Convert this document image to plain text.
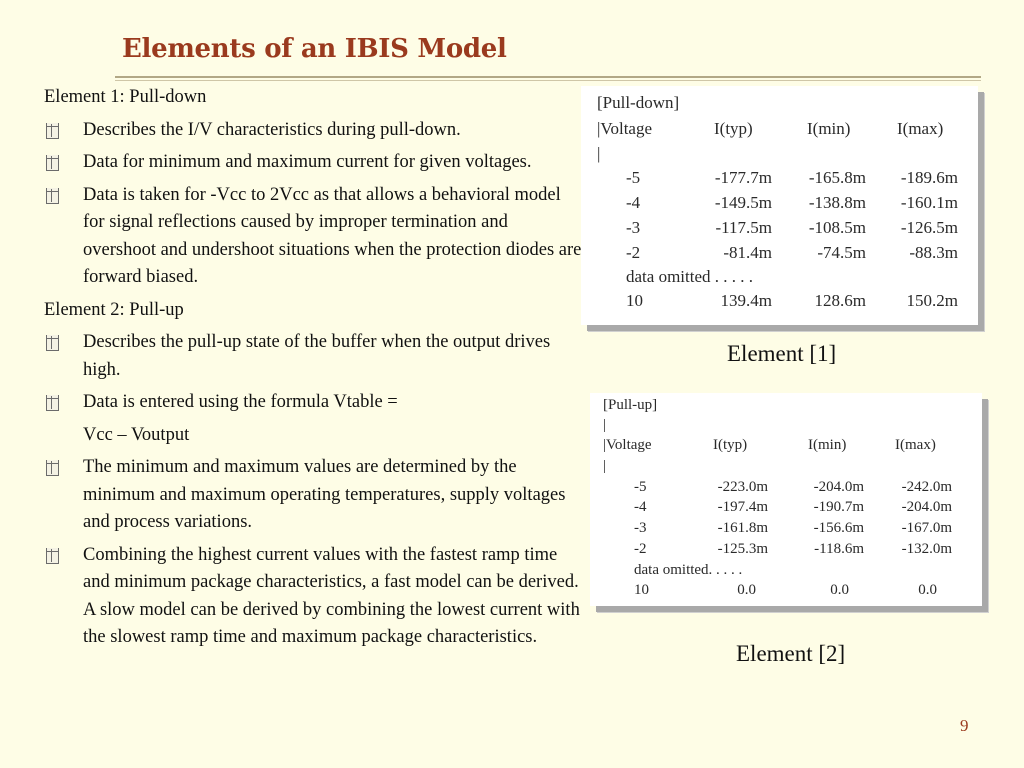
Elements of an IBIS Model
Element 1: Pull-down
Describes the I/V characteristics during pull-down.
Data for minimum and maximum current for given voltages.
Data is taken for -Vcc to 2Vcc as that allows a behavioral model for signal reflections caused by improper termination and overshoot and undershoot situations when the protection diodes are forward biased.
Element 2: Pull-up
Describes the pull-up state of the buffer when the output drives high.
Data is entered using the formula Vtable =
Vcc – Voutput
The minimum and maximum values are determined by the minimum and maximum operating temperatures, supply voltages and process variations.
Combining the highest current values with the fastest ramp time and minimum package characteristics, a fast model can be derived. A slow model can be derived by combining the lowest current with the slowest ramp time and maximum package characteristics.
[Pull-down]
|Voltage	I(typ)	I(min)	I(max)
|
-5	-177.7m -165.8m -189.6m
-4	-149.5m -138.8m -160.1m
-3	-117.5m -108.5m -126.5m
-2	-81.4m	-74.5m	-88.3m
data omitted . . . . .
10	139.4m	128.6m 150.2m
Element [1]
[Pull-up]
|
|Voltage	I(typ)	I(min)	I(max)
|
-5	-223.0m	-204.0m	-242.0m
-4	-197.4m	-190.7m	-204.0m
-3	-161.8m	-156.6m	-167.0m
-2	-125.3m	-118.6m	-132.0m
data omitted. . . . .
10	0.0	0.0	0.0
Element [2]
9
